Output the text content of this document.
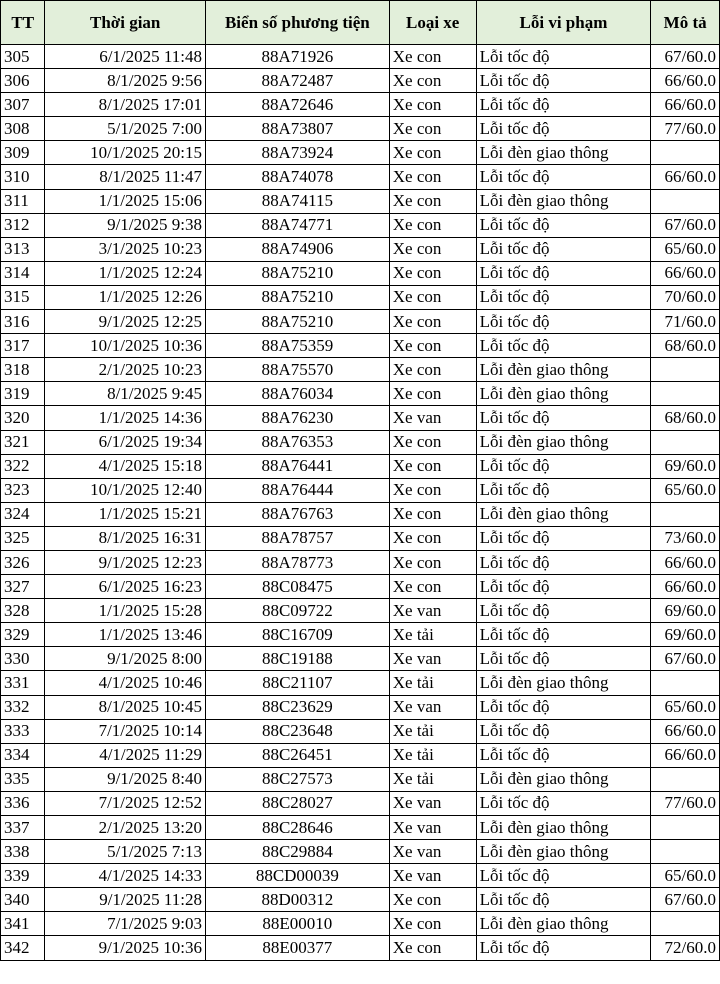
TT	Thời gian	Biển số phương tiện	Loại xe	Lỗi vi phạm	Mô tả
305	6/1/2025 11:48	88A71926	Xe con	Lỗi tốc độ	67/60.0
306	8/1/2025 9:56	88A72487	Xe con	Lỗi tốc độ	66/60.0
307	8/1/2025 17:01	88A72646	Xe con	Lỗi tốc độ	66/60.0
308	5/1/2025 7:00	88A73807	Xe con	Lỗi tốc độ	77/60.0
309	10/1/2025 20:15	88A73924	Xe con	Lỗi đèn giao thông	
310	8/1/2025 11:47	88A74078	Xe con	Lỗi tốc độ	66/60.0
311	1/1/2025 15:06	88A74115	Xe con	Lỗi đèn giao thông	
312	9/1/2025 9:38	88A74771	Xe con	Lỗi tốc độ	67/60.0
313	3/1/2025 10:23	88A74906	Xe con	Lỗi tốc độ	65/60.0
314	1/1/2025 12:24	88A75210	Xe con	Lỗi tốc độ	66/60.0
315	1/1/2025 12:26	88A75210	Xe con	Lỗi tốc độ	70/60.0
316	9/1/2025 12:25	88A75210	Xe con	Lỗi tốc độ	71/60.0
317	10/1/2025 10:36	88A75359	Xe con	Lỗi tốc độ	68/60.0
318	2/1/2025 10:23	88A75570	Xe con	Lỗi đèn giao thông	
319	8/1/2025 9:45	88A76034	Xe con	Lỗi đèn giao thông	
320	1/1/2025 14:36	88A76230	Xe van	Lỗi tốc độ	68/60.0
321	6/1/2025 19:34	88A76353	Xe con	Lỗi đèn giao thông	
322	4/1/2025 15:18	88A76441	Xe con	Lỗi tốc độ	69/60.0
323	10/1/2025 12:40	88A76444	Xe con	Lỗi tốc độ	65/60.0
324	1/1/2025 15:21	88A76763	Xe con	Lỗi đèn giao thông	
325	8/1/2025 16:31	88A78757	Xe con	Lỗi tốc độ	73/60.0
326	9/1/2025 12:23	88A78773	Xe con	Lỗi tốc độ	66/60.0
327	6/1/2025 16:23	88C08475	Xe con	Lỗi tốc độ	66/60.0
328	1/1/2025 15:28	88C09722	Xe van	Lỗi tốc độ	69/60.0
329	1/1/2025 13:46	88C16709	Xe tải	Lỗi tốc độ	69/60.0
330	9/1/2025 8:00	88C19188	Xe van	Lỗi tốc độ	67/60.0
331	4/1/2025 10:46	88C21107	Xe tải	Lỗi đèn giao thông	
332	8/1/2025 10:45	88C23629	Xe van	Lỗi tốc độ	65/60.0
333	7/1/2025 10:14	88C23648	Xe tải	Lỗi tốc độ	66/60.0
334	4/1/2025 11:29	88C26451	Xe tải	Lỗi tốc độ	66/60.0
335	9/1/2025 8:40	88C27573	Xe tải	Lỗi đèn giao thông	
336	7/1/2025 12:52	88C28027	Xe van	Lỗi tốc độ	77/60.0
337	2/1/2025 13:20	88C28646	Xe van	Lỗi đèn giao thông	
338	5/1/2025 7:13	88C29884	Xe van	Lỗi đèn giao thông	
339	4/1/2025 14:33	88CD00039	Xe van	Lỗi tốc độ	65/60.0
340	9/1/2025 11:28	88D00312	Xe con	Lỗi tốc độ	67/60.0
341	7/1/2025 9:03	88E00010	Xe con	Lỗi đèn giao thông	
342	9/1/2025 10:36	88E00377	Xe con	Lỗi tốc độ	72/60.0
